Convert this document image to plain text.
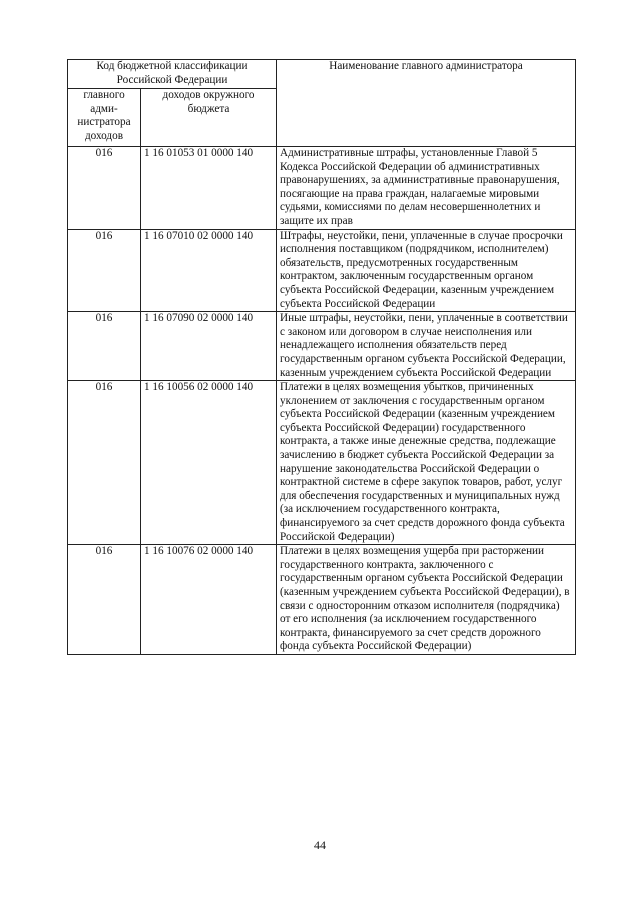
Код бюджетной классификации Российской Федерации		Наименование главного администратора
главного адми-нистратора доходов	доходов окружного бюджета	
016	1 16 01053 01 0000 140	Административные штрафы, установленные Главой 5 Кодекса Российской Федерации об административных правонарушениях, за административные правонарушения, посягающие на права граждан, налагаемые мировыми судьями, комиссиями по делам несовершеннолетних и защите их прав
016	1 16 07010 02 0000 140	Штрафы, неустойки, пени, уплаченные в случае просрочки исполнения поставщиком (подрядчиком, исполнителем) обязательств, предусмотренных государственным контрактом, заключенным государственным органом субъекта Российской Федерации, казенным учреждением субъекта Российской Федерации
016	1 16 07090 02 0000 140	Иные штрафы, неустойки, пени, уплаченные в соответствии с законом или договором в случае неисполнения или ненадлежащего исполнения обязательств перед государственным органом субъекта Российской Федерации, казенным учреждением субъекта Российской Федерации
016	1 16 10056 02 0000 140	Платежи в целях возмещения убытков, причиненных уклонением от заключения с государственным органом субъекта Российской Федерации (казенным учреждением субъекта Российской Федерации) государственного контракта, а также иные денежные средства, подлежащие зачислению в бюджет субъекта Российской Федерации за нарушение законодательства Российской Федерации о контрактной системе в сфере закупок товаров, работ, услуг для обеспечения государственных и муниципальных нужд (за исключением государственного контракта, финансируемого за счет средств дорожного фонда субъекта Российской Федерации)
016	1 16 10076 02 0000 140	Платежи в целях возмещения ущерба при расторжении государственного контракта, заключенного с государственным органом субъекта Российской Федерации (казенным учреждением субъекта Российской Федерации), в связи с односторонним отказом исполнителя (подрядчика) от его исполнения (за исключением государственного контракта, финансируемого за счет средств дорожного фонда субъекта Российской Федерации)
44
